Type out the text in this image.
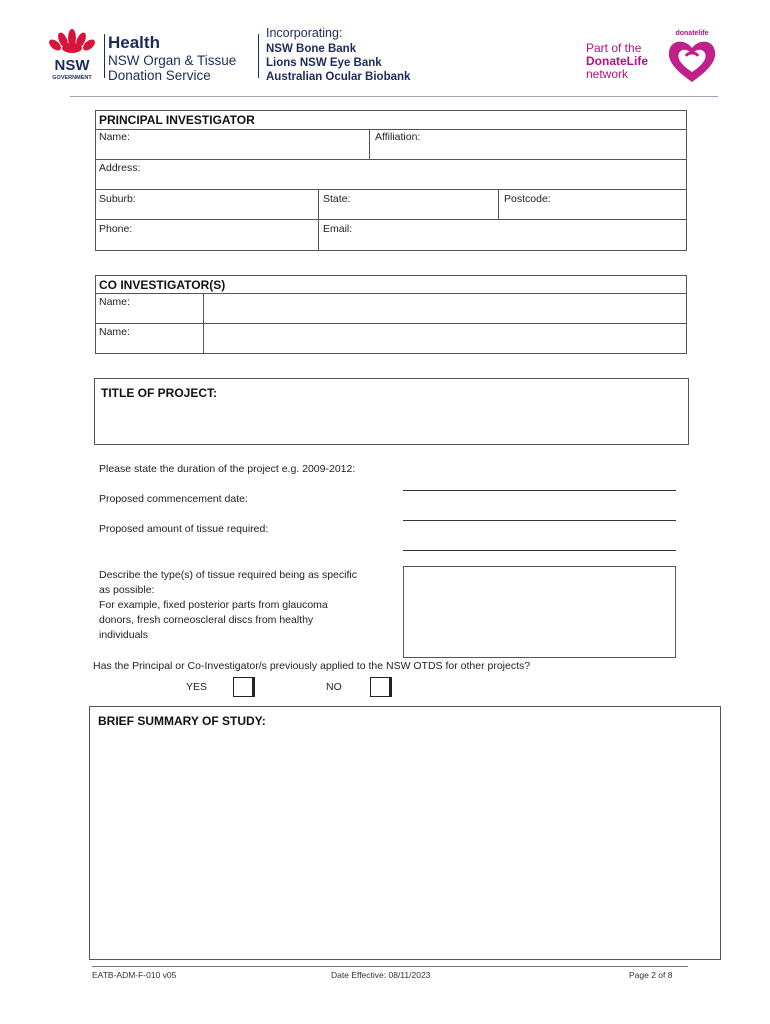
NSW
GOVERNMENT
Health
NSW Organ & Tissue
Donation Service
Incorporating:
NSW Bone Bank
Lions NSW Eye Bank
Australian Ocular Biobank
Part of the
DonateLife
network
donatelife
PRINCIPAL INVESTIGATOR
Name:	Affiliation:
Address:
Suburb:	State:	Postcode:
Phone:	Email:
CO INVESTIGATOR(S)
Name:
Name:
TITLE OF PROJECT:
Please state the duration of the project e.g. 2009-2012:
Proposed commencement date:
Proposed amount of tissue required:
Describe the type(s) of tissue required being as specific
as possible:
For example, fixed posterior parts from glaucoma
donors, fresh corneoscleral discs from healthy
individuals
Has the Principal or Co-Investigator/s previously applied to the NSW OTDS for other projects?
YES	NO
BRIEF SUMMARY OF STUDY:
EATB-ADM-F-010 v05	Date Effective: 08/11/2023	Page 2 of 8
